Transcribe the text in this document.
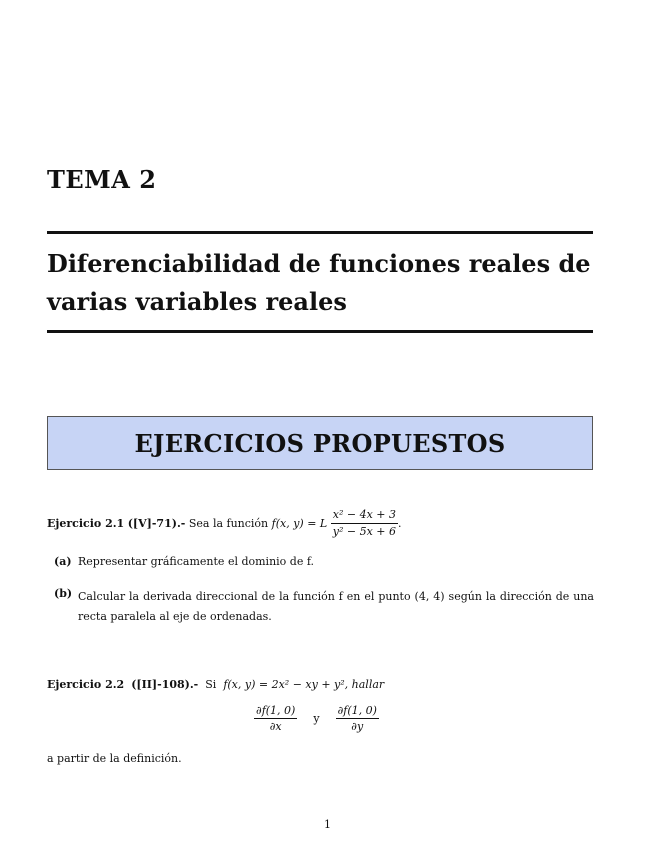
TEMA 2
Diferenciabilidad de funciones reales de varias variables reales
EJERCICIOS PROPUESTOS
Ejercicio 2.1
([V]-71).-
Sea la función
f(x, y) = L
$\frac{\text{x² − 4x + 3}}{\text{y² − 5x + 6}}$ .
(a) Representar gráficamente el dominio de f.
(b) Calcular la derivada direccional de la función f en el punto (4, 4) según la dirección de una recta paralela al eje de ordenadas.
Ejercicio 2.2 ([II]-108).- Si f(x, y) = 2x² − xy + y², hallar
$\frac{\partial f(1, 0)}{\partial x}$ y $\frac{\partial f(1, 0)}{\partial y}$
a partir de la definición.
1
